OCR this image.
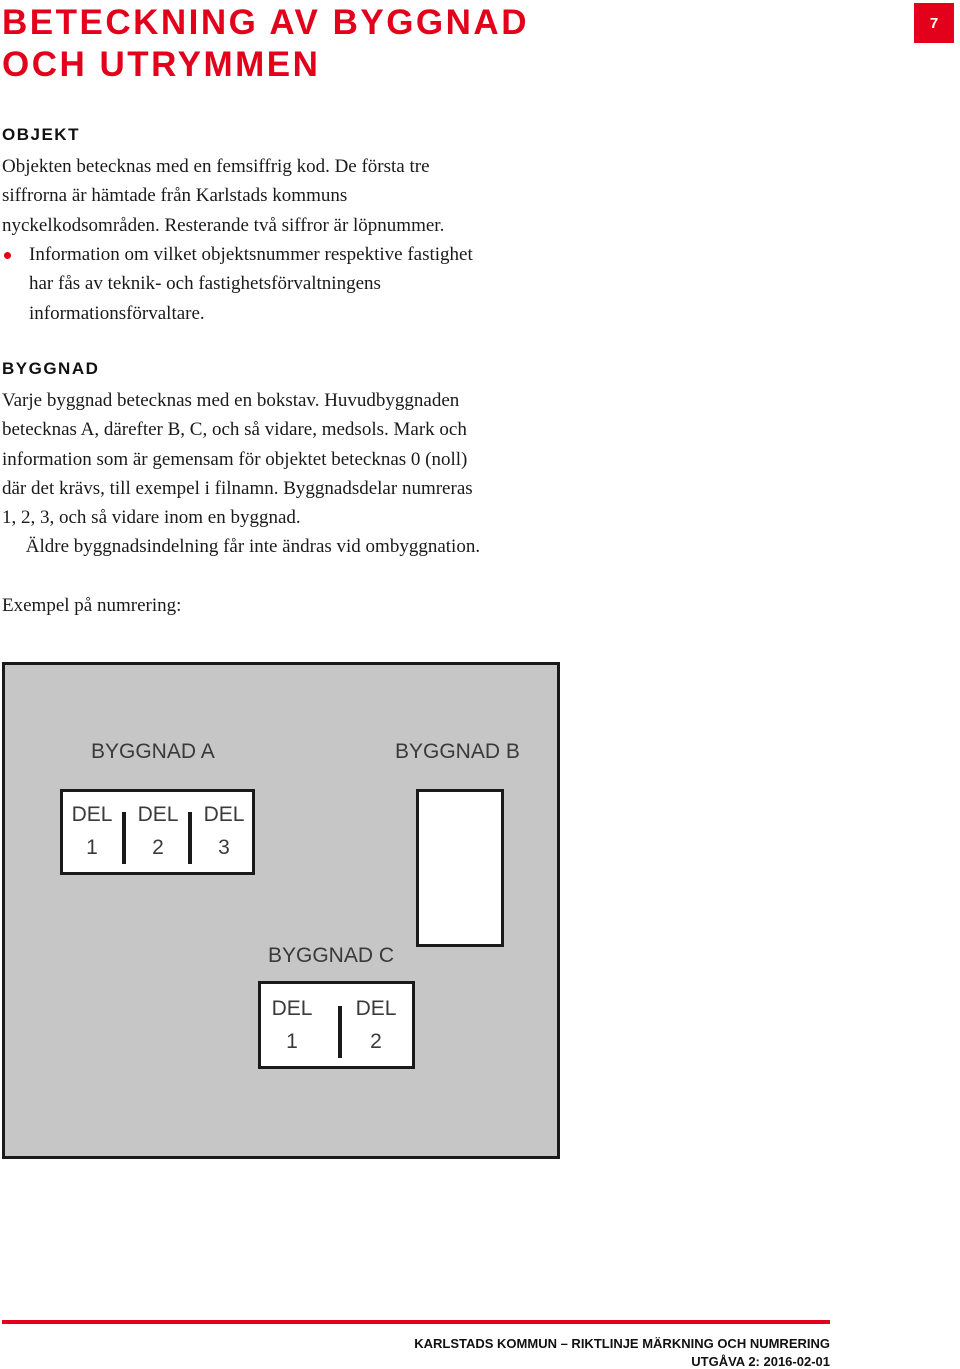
BETECKNING AV BYGGNAD
OCH UTRYMMEN
7
OBJEKT

Objekten betecknas med en femsiffrig kod. De första tre
siffrorna är hämtade från Karlstads kommuns
nyckelkodsområden. Resterande två siffror är löpnummer.

Information om vilket objektsnummer respektive fastighet
har fås av teknik- och fastighetsförvaltningens
informationsförvaltare.
BYGGNAD

Varje byggnad betecknas med en bokstav. Huvudbyggnaden
betecknas A, därefter B, C, och så vidare, medsols. Mark och
information som är gemensam för objektet betecknas 0 (noll)
där det krävs, till exempel i filnamn. Byggnadsdelar numreras
1, 2, 3, och så vidare inom en byggnad.
Äldre byggnadsindelning får inte ändras vid ombyggnation.

Exempel på numrering:

BYGGNAD A
DEL
1
DEL
2
DEL
3
BYGGNAD B
BYGGNAD C
DEL
1
DEL
2

KARLSTADS KOMMUN – RIKTLINJE MÄRKNING OCH NUMRERING

UTGÅVA 2: 2016-02-01
